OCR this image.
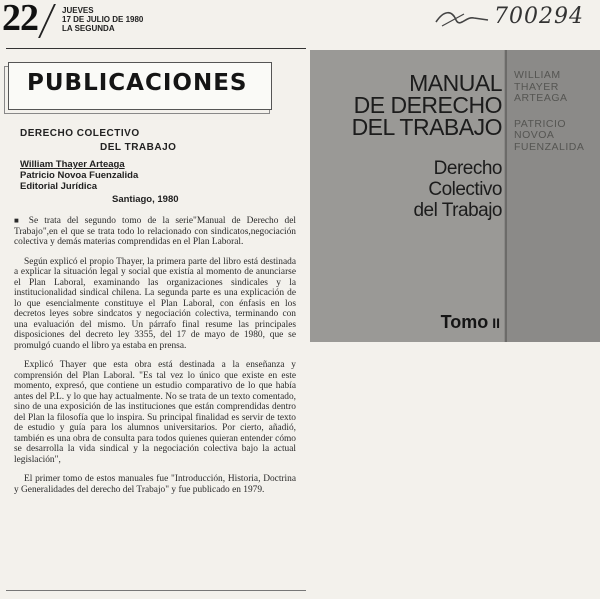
22	JUEVES
17 DE JULIO DE 1980
LA SEGUNDA	700294
PUBLICACIONES
DERECHO COLECTIVO
DEL TRABAJO
William Thayer Arteaga
Patricio Novoa Fuenzalida
Editorial Jurídica
Santiago, 1980

■ Se trata del segundo tomo de la serie"Manual de Derecho del Trabajo",en el que se trata todo lo relacionado con sindicatos,negociación colectiva y demás materias comprendidas en el Plan Laboral.

Según explicó el propio Thayer, la primera parte del libro está destinada a explicar la situación legal y social que existía al momento de anunciarse el Plan Laboral, examinando las organizaciones sindicales y la institucionalidad sindical chilena. La segunda parte es una explicación de lo que esencialmente constituye el Plan Laboral, con énfasis en los decretos leyes sobre sindcatos y negociación colectiva, terminando con una evaluación del mismo. Un párrafo final resume las principales disposiciones del decreto ley 3355, del 17 de mayo de 1980, que se promulgó cuando el libro ya estaba en prensa.

Explicó Thayer que esta obra está destinada a la enseñanza y comprensión del Plan Laboral. "Es tal vez lo único que existe en este momento, expresó, que contiene un estudio comparativo de lo que había antes del P.L. y lo que hay actualmente. No se trata de un texto comentado, sino de una exposición de las instituciones que están comprendidas dentro del Plan la filosofía que lo inspira. Su principal finalidad es servir de texto de estudio y guía para los alumnos universitarios. Por cierto, añadió, también es una obra de consulta para todos quienes quieran entender cómo se desarrolla la vida sindical y la negociación colectiva bajo la actual legislación",

El primer tomo de estos manuales fue "Introducción, Historia, Doctrina y Generalidades del derecho del Trabajo" y fue publicado en 1979.

MANUAL
DE DERECHO
DEL TRABAJO
Derecho
Colectivo
del Trabajo
Tomo II
WILLIAM
THAYER
ARTEAGA
PATRICIO
NOVOA
FUENZALIDA
